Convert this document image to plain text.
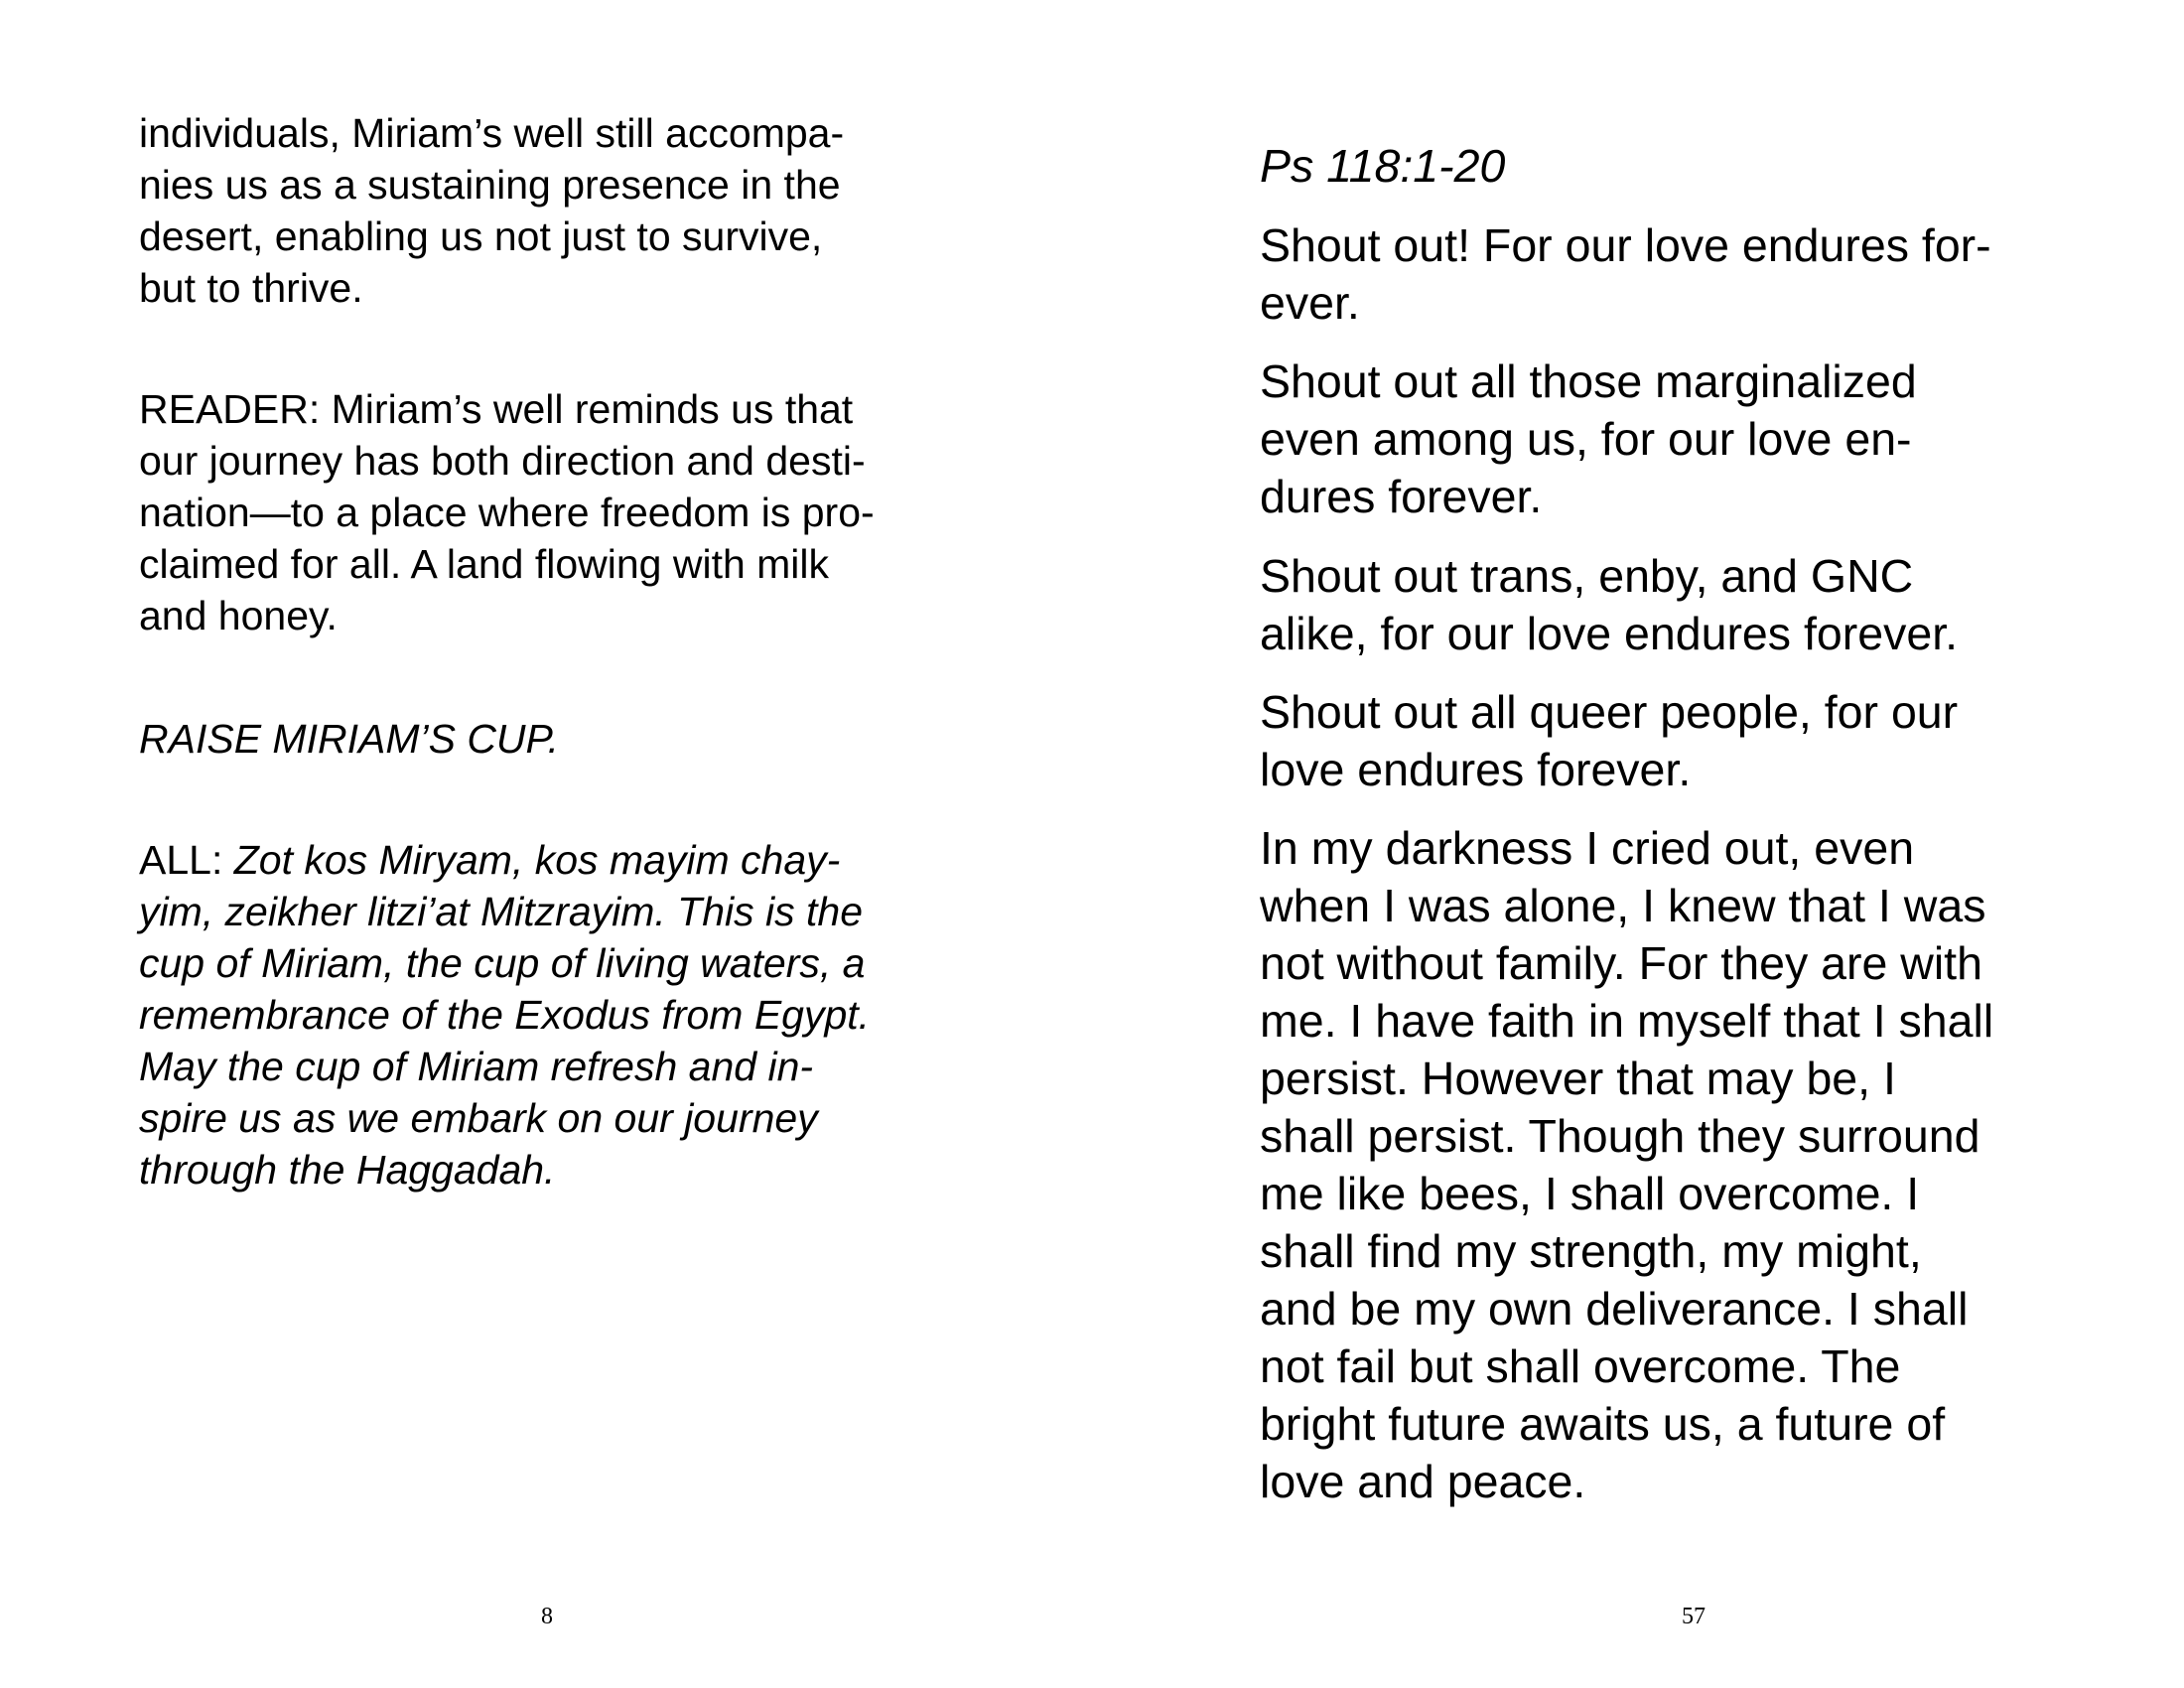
individuals, Miriam’s well still accompa-
nies us as a sustaining presence in the
desert, enabling us not just to survive,
but to thrive.

READER: Miriam’s well reminds us that
our journey has both direction and desti-
nation—to a place where freedom is pro-
claimed for all. A land flowing with milk
and honey.

RAISE MIRIAM’S CUP.

ALL: Zot kos Miryam, kos mayim chay-
yim, zeikher litzi’at Mitzrayim. This is the
cup of Miriam, the cup of living waters, a
remembrance of the Exodus from Egypt.
May the cup of Miriam refresh and in-
spire us as we embark on our journey
through the Haggadah.

8

Ps 118:1-20

Shout out! For our love endures for-
ever.

Shout out all those marginalized
even among us, for our love en-
dures forever.

Shout out trans, enby, and GNC
alike, for our love endures forever.

Shout out all queer people, for our
love endures forever.

In my darkness I cried out, even
when I was alone, I knew that I was
not without family. For they are with
me. I have faith in myself that I shall
persist. However that may be, I
shall persist. Though they surround
me like bees, I shall overcome. I
shall find my strength, my might,
and be my own deliverance. I shall
not fail but shall overcome. The
bright future awaits us, a future of
love and peace.

57
